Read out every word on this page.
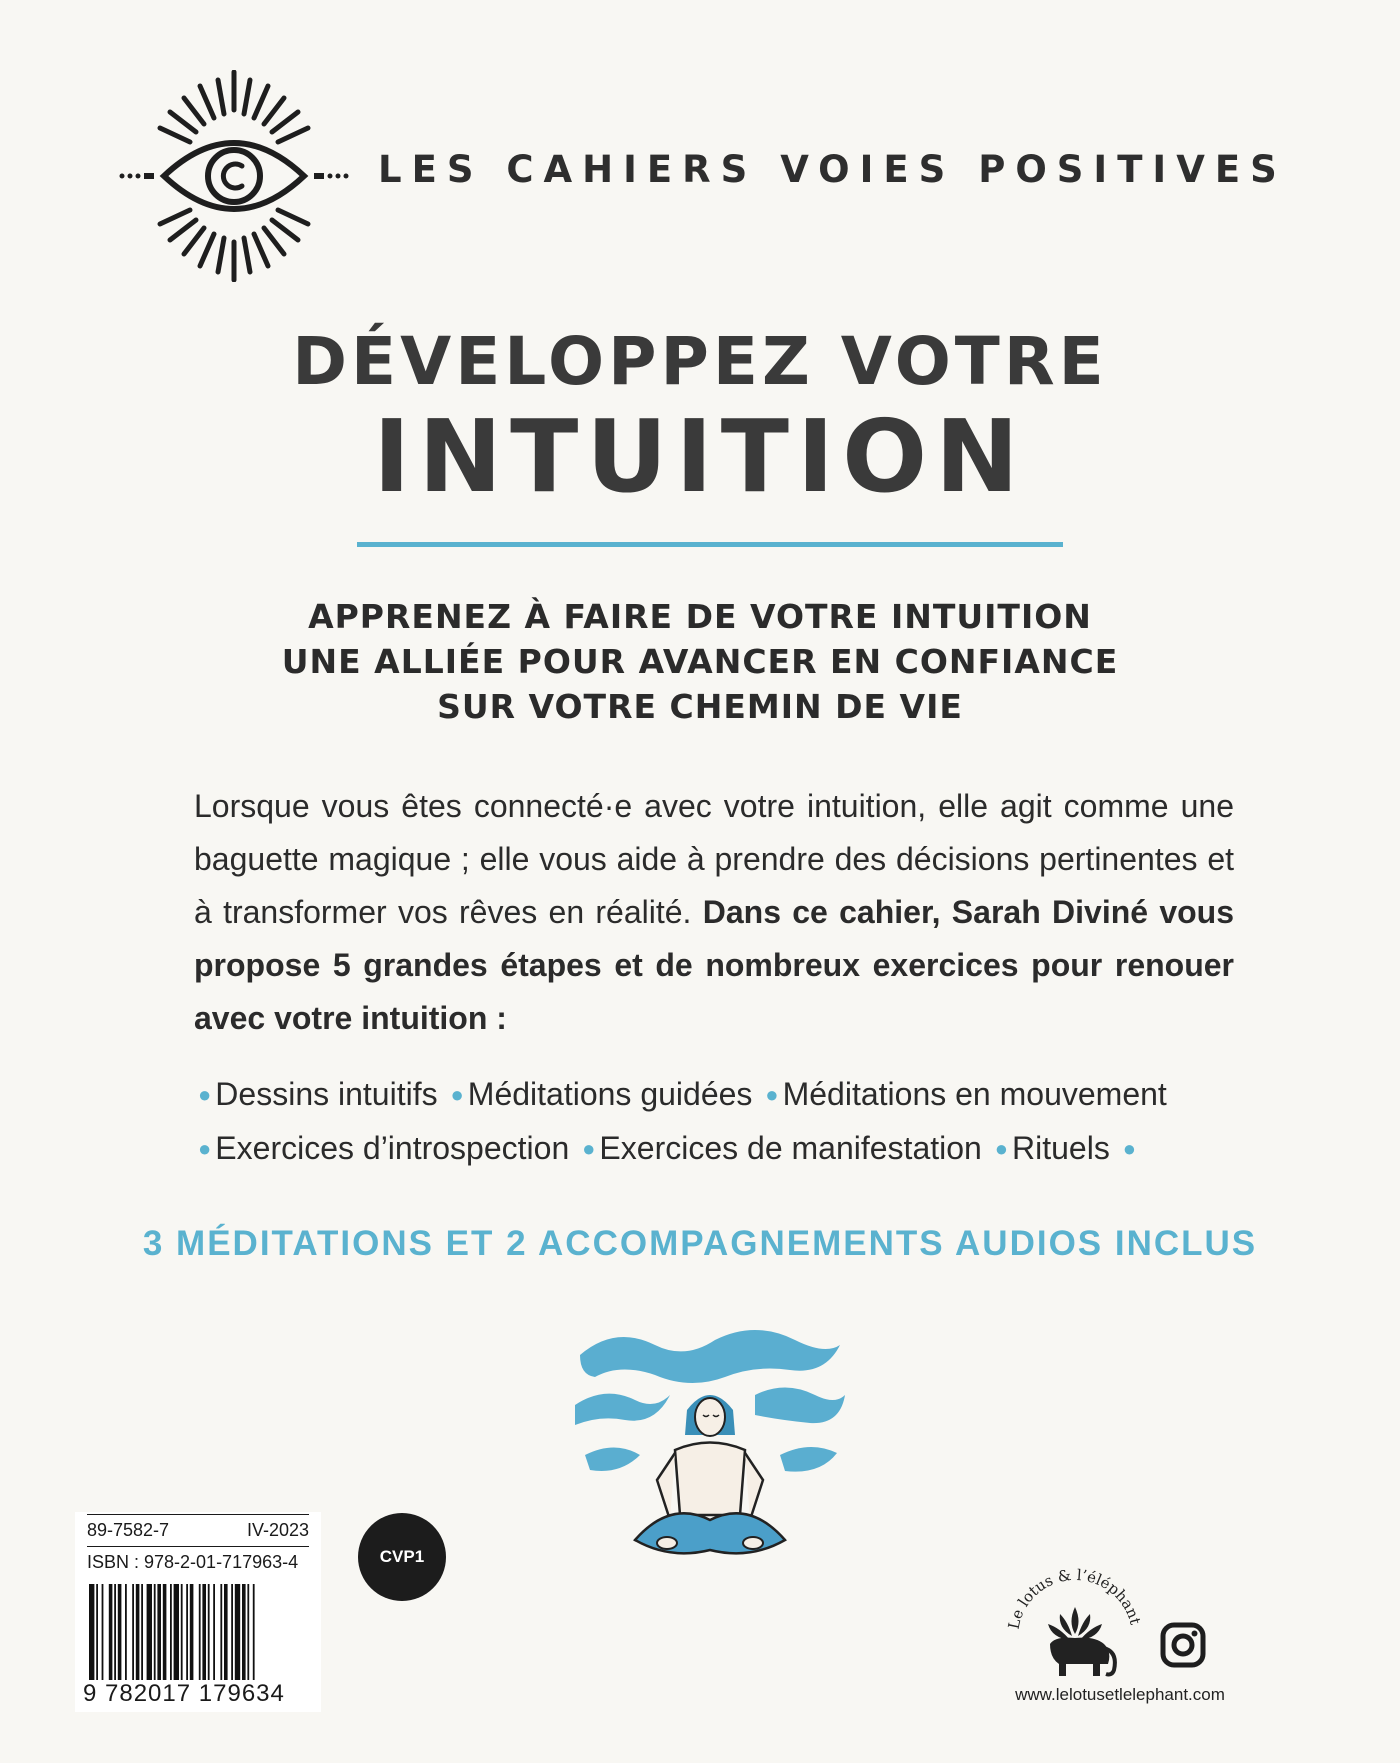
LES CAHIERS VOIES POSITIVES
DÉVELOPPEZ VOTRE
INTUITION
APPRENEZ À FAIRE DE VOTRE INTUITION
UNE ALLIÉE POUR AVANCER EN CONFIANCE
SUR VOTRE CHEMIN DE VIE
Lorsque vous êtes connecté·e avec votre intuition, elle agit comme une baguette magique ; elle vous aide à prendre des décisions pertinentes et à transformer vos rêves en réalité. Dans ce cahier, Sarah Diviné vous propose 5 grandes étapes et de nombreux exercices pour renouer avec votre intuition :
● Dessins intuitifs ● Méditations guidées ● Méditations en mouvement
● Exercices d’introspection ● Exercices de manifestation ● Rituels ●
3 MÉDITATIONS ET 2 ACCOMPAGNEMENTS AUDIOS INCLUS
89-7582-7	IV-2023
ISBN : 978-2-01-717963-4
9 782017 179634
CVP1
Le lotus & l’éléphant
www.lelotusetlelephant.com
